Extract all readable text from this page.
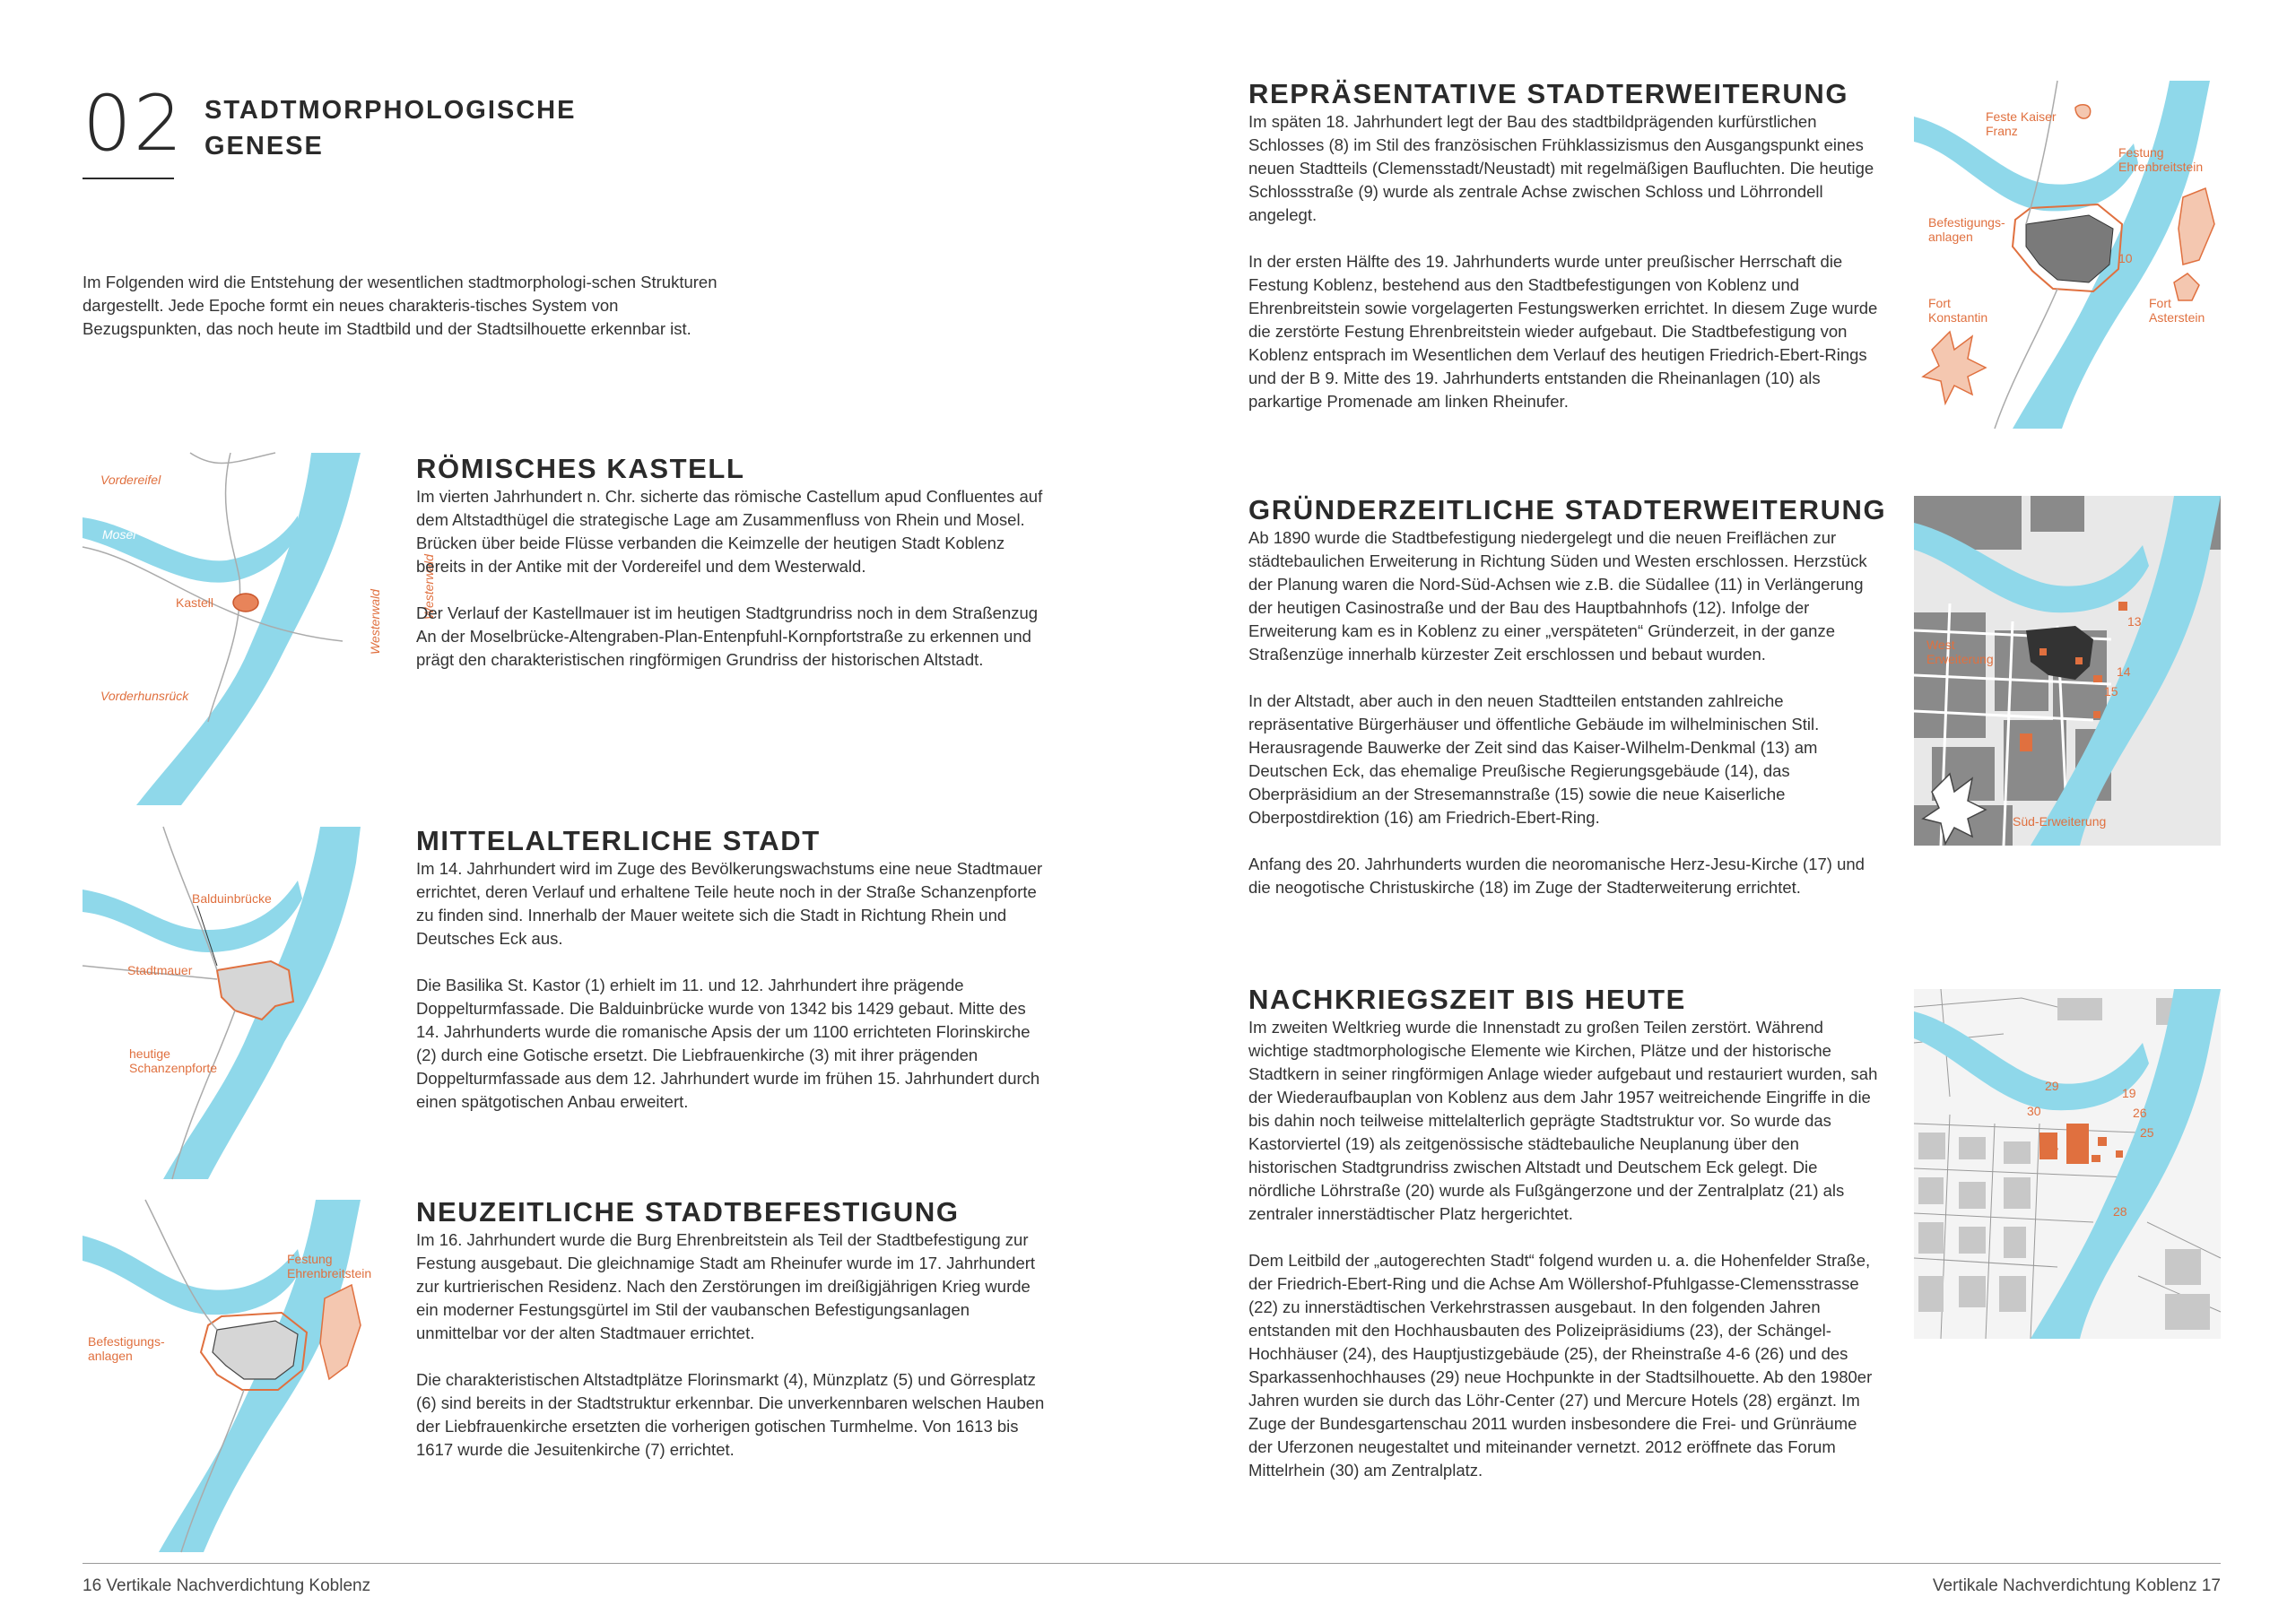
02 STADTMORPHOLOGISCHE
GENESE
Im Folgenden wird die Entstehung der wesentlichen stadtmorphologi-schen Strukturen dargestellt. Jede Epoche formt ein neues charakteris-tisches System von Bezugspunkten, das noch heute im Stadtbild und der Stadtsilhouette erkennbar ist.
Vordereifel
Mosel
Kastell
Vorderhunsrück	Rhein
Westerwald
Westerwald
RÖMISCHES KASTELL

Im vierten Jahrhundert n. Chr. sicherte das römische Castellum apud Confluentes auf dem Altstadthügel die strategische Lage am Zusammenfluss von Rhein und Mosel. Brücken über beide Flüsse verbanden die Keimzelle der heutigen Stadt Koblenz bereits in der Antike mit der Vordereifel und dem Westerwald.

Der Verlauf der Kastellmauer ist im heutigen Stadtgrundriss noch in dem Straßenzug An der Moselbrücke-Altengraben-Plan-Entenpfuhl-Kornpfortstraße zu erkennen und prägt den charakteristischen ringförmigen Grundriss der historischen Altstadt.

Balduinbrücke
Stadtmauer
heutige
Schanzenpforte
MITTELALTERLICHE STADT

Im 14. Jahrhundert wird im Zuge des Bevölkerungswachstums eine neue Stadtmauer errichtet, deren Verlauf und erhaltene Teile heute noch in der Straße Schanzenpforte zu finden sind. Innerhalb der Mauer weitete sich die Stadt in Richtung Rhein und Deutsches Eck aus.

Die Basilika St. Kastor (1) erhielt im 11. und 12. Jahrhundert ihre prägende Doppelturmfassade. Die Balduinbrücke wurde von 1342 bis 1429 gebaut. Mitte des 14. Jahrhunderts wurde die romanische Apsis der um 1100 errichteten Florinskirche (2) durch eine Gotische ersetzt. Die Liebfrauenkirche (3) mit ihrer prägenden Doppelturmfassade aus dem 12. Jahrhundert wurde im frühen 15. Jahrhundert durch einen spätgotischen Anbau erweitert.

Festung
Ehrenbreitstein
Befestigungs-
anlagen
NEUZEITLICHE STADTBEFESTIGUNG

Im 16. Jahrhundert wurde die Burg Ehrenbreitstein als Teil der Stadtbefestigung zur Festung ausgebaut. Die gleichnamige Stadt am Rheinufer wurde im 17. Jahrhundert zur kurtrierischen Residenz. Nach den Zerstörungen im dreißigjährigen Krieg wurde ein moderner Festungsgürtel im Stil der vaubanschen Befestigungsanlagen unmittelbar vor der alten Stadtmauer errichtet.

Die charakteristischen Altstadtplätze Florinsmarkt (4), Münzplatz (5) und Görresplatz (6) sind bereits in der Stadtstruktur erkennbar. Die unverkennbaren welschen Hauben der Liebfrauenkirche ersetzten die vorherigen gotischen Turmhelme. Von 1613 bis 1617 wurde die Jesuitenkirche (7) errichtet.

REPRÄSENTATIVE STADTERWEITERUNG

Im späten 18. Jahrhundert legt der Bau des stadtbildprägenden kurfürstlichen Schlosses (8) im Stil des französischen Frühklassizismus den Ausgangspunkt eines neuen Stadtteils (Clemensstadt/Neustadt) mit regelmäßigen Baufluchten. Die heutige Schlossstraße (9) wurde als zentrale Achse zwischen Schloss und Löhrrondell angelegt.

In der ersten Hälfte des 19. Jahrhunderts wurde unter preußischer Herrschaft die Festung Koblenz, bestehend aus den Stadtbefestigungen von Koblenz und Ehrenbreitstein sowie vorgelagerten Festungswerken errichtet. In diesem Zuge wurde die zerstörte Festung Ehrenbreitstein wieder aufgebaut. Die Stadtbefestigung von Koblenz entsprach im Wesentlichen dem Verlauf des heutigen Friedrich-Ebert-Rings und der B 9. Mitte des 19. Jahrhunderts entstanden die Rheinanlagen (10) als parkartige Promenade am linken Rheinufer.

Feste Kaiser
Franz
Festung
Ehrenbreitstein
Befestigungs-
anlagen
10
Fort
Konstantin
Fort
Asterstein
GRÜNDERZEITLICHE STADTERWEITERUNG

Ab 1890 wurde die Stadtbefestigung niedergelegt und die neuen Freiflächen zur städtebaulichen Erweiterung in Richtung Süden und Westen erschlossen. Herzstück der Planung waren die Nord-Süd-Achsen wie z.B. die Südallee (11) in Verlängerung der heutigen Casinostraße und der Bau des Hauptbahnhofs (12). Infolge der Erweiterung kam es in Koblenz zu einer „verspäteten“ Gründerzeit, in der ganze Straßenzüge innerhalb kürzester Zeit erschlossen und bebaut wurden.

In der Altstadt, aber auch in den neuen Stadtteilen entstanden zahlreiche repräsentative Bürgerhäuser und öffentliche Gebäude im wilhelminischen Stil. Herausragende Bauwerke der Zeit sind das Kaiser-Wilhelm-Denkmal (13) am Deutschen Eck, das ehemalige Preußische Regierungsgebäude (14), das Oberpräsidium an der Stresemannstraße (15) sowie die neue Kaiserliche Oberpostdirektion (16) am Friedrich-Ebert-Ring.

Anfang des 20. Jahrhunderts wurden die neoromanische Herz-Jesu-Kirche (17) und die neogotische Christuskirche (18) im Zuge der Stadterweiterung errichtet.

West
Erweiterung
Süd-Erweiterung
13
14
15
NACHKRIEGSZEIT BIS HEUTE

Im zweiten Weltkrieg wurde die Innenstadt zu großen Teilen zerstört. Während wichtige stadtmorphologische Elemente wie Kirchen, Plätze und der historische Stadtkern in seiner ringförmigen Anlage wieder aufgebaut und restauriert wurden, sah der Wiederaufbauplan von Koblenz aus dem Jahr 1957 weitreichende Eingriffe in die bis dahin noch teilweise mittelalterlich geprägte Stadtstruktur vor. So wurde das Kastorviertel (19) als zeitgenössische städtebauliche Neuplanung über den historischen Stadtgrundriss zwischen Altstadt und Deutschem Eck gelegt. Die nördliche Löhrstraße (20) wurde als Fußgängerzone und der Zentralplatz (21) als zentraler innerstädtischer Platz hergerichtet.

Dem Leitbild der „autogerechten Stadt“ folgend wurden u. a. die Hohenfelder Straße, der Friedrich-Ebert-Ring und die Achse Am Wöllershof-Pfuhlgasse-Clemensstrasse (22) zu innerstädtischen Verkehrstrassen ausgebaut. In den folgenden Jahren entstanden mit den Hochhausbauten des Polizeipräsidiums (23), der Schängel-Hochhäuser (24), des Hauptjustizgebäude (25), der Rheinstraße 4-6 (26) und des Sparkassenhochhauses (29) neue Hochpunkte in der Stadtsilhouette. Ab den 1980er Jahren wurden sie durch das Löhr-Center (27) und Mercure Hotels (28) ergänzt. Im Zuge der Bundesgartenschau 2011 wurden insbesondere die Frei- und Grünräume der Uferzonen neugestaltet und miteinander vernetzt. 2012 eröffnete das Forum Mittelrhein (30) am Zentralplatz.

29	19
26
25
30
27
28
16 Vertikale Nachverdichtung Koblenz	Vertikale Nachverdichtung Koblenz 17
